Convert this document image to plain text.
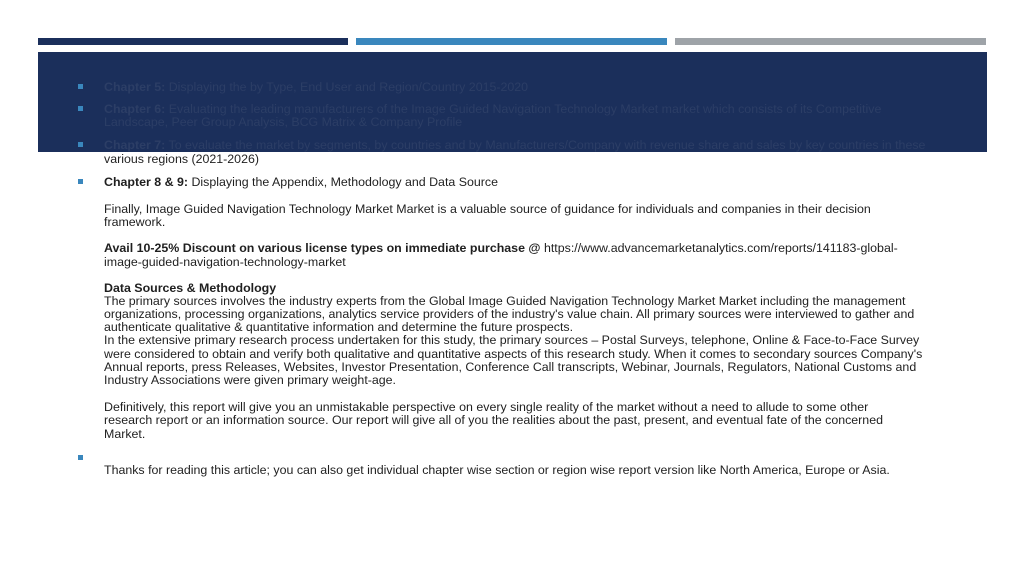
Chapter 5: Displaying the by Type, End User and Region/Country 2015-2020
Chapter 6: Evaluating the leading manufacturers of the Image Guided Navigation Technology Market market which consists of its Competitive
Landscape, Peer Group Analysis, BCG Matrix & Company Profile
Chapter 7: To evaluate the market by segments, by countries and by Manufacturers/Company with revenue share and sales by key countries in these
various regions (2021-2026)
Chapter 8 & 9: Displaying the Appendix, Methodology and Data Source
Finally, Image Guided Navigation Technology Market Market is a valuable source of guidance for individuals and companies in their decision
framework.
Avail 10-25% Discount on various license types on immediate purchase @ https://www.advancemarketanalytics.com/reports/141183-global-
image-guided-navigation-technology-market
Data Sources & Methodology
The primary sources involves the industry experts from the Global Image Guided Navigation Technology Market Market including the management
organizations, processing organizations, analytics service providers of the industry's value chain. All primary sources were interviewed to gather and
authenticate qualitative & quantitative information and determine the future prospects.
In the extensive primary research process undertaken for this study, the primary sources – Postal Surveys, telephone, Online & Face-to-Face Survey
were considered to obtain and verify both qualitative and quantitative aspects of this research study. When it comes to secondary sources Company's
Annual reports, press Releases, Websites, Investor Presentation, Conference Call transcripts, Webinar, Journals, Regulators, National Customs and
Industry Associations were given primary weight-age.
Definitively, this report will give you an unmistakable perspective on every single reality of the market without a need to allude to some other
research report or an information source. Our report will give all of you the realities about the past, present, and eventual fate of the concerned
Market.
Thanks for reading this article; you can also get individual chapter wise section or region wise report version like North America, Europe or Asia.
